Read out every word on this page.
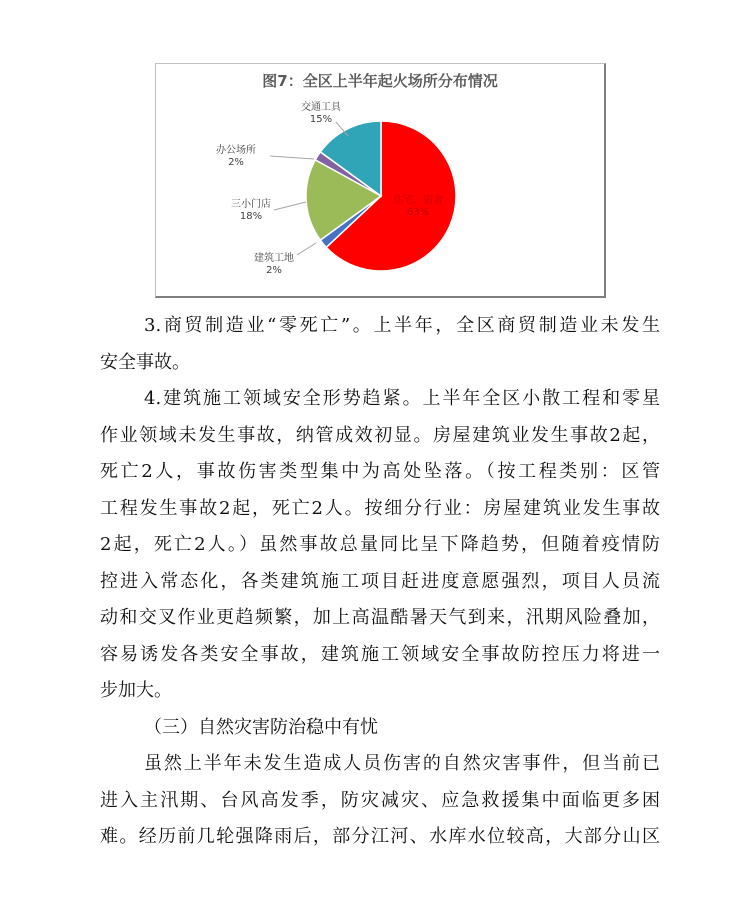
住宅、宿舍
63%
建筑工地
2%
三小门店
18%
办公场所
2%
交通工具
15%
图7：全区上半年起火场所分布情况
3.商贸制造业“零死亡”。上半年，全区商贸制造业未发生
安全事故。
4.建筑施工领域安全形势趋紧。上半年全区小散工程和零星
作业领域未发生事故，纳管成效初显。房屋建筑业发生事故2起，
死亡2人，事故伤害类型集中为高处坠落。（按工程类别：区管
工程发生事故2起，死亡2人。按细分行业：房屋建筑业发生事故
2起，死亡2人。）虽然事故总量同比呈下降趋势，但随着疫情防
控进入常态化，各类建筑施工项目赶进度意愿强烈，项目人员流
动和交叉作业更趋频繁，加上高温酷暑天气到来，汛期风险叠加，
容易诱发各类安全事故，建筑施工领域安全事故防控压力将进一
步加大。
（三）自然灾害防治稳中有忧
虽然上半年未发生造成人员伤害的自然灾害事件，但当前已
进入主汛期、台风高发季，防灾减灾、应急救援集中面临更多困
难。经历前几轮强降雨后，部分江河、水库水位较高，大部分山区
